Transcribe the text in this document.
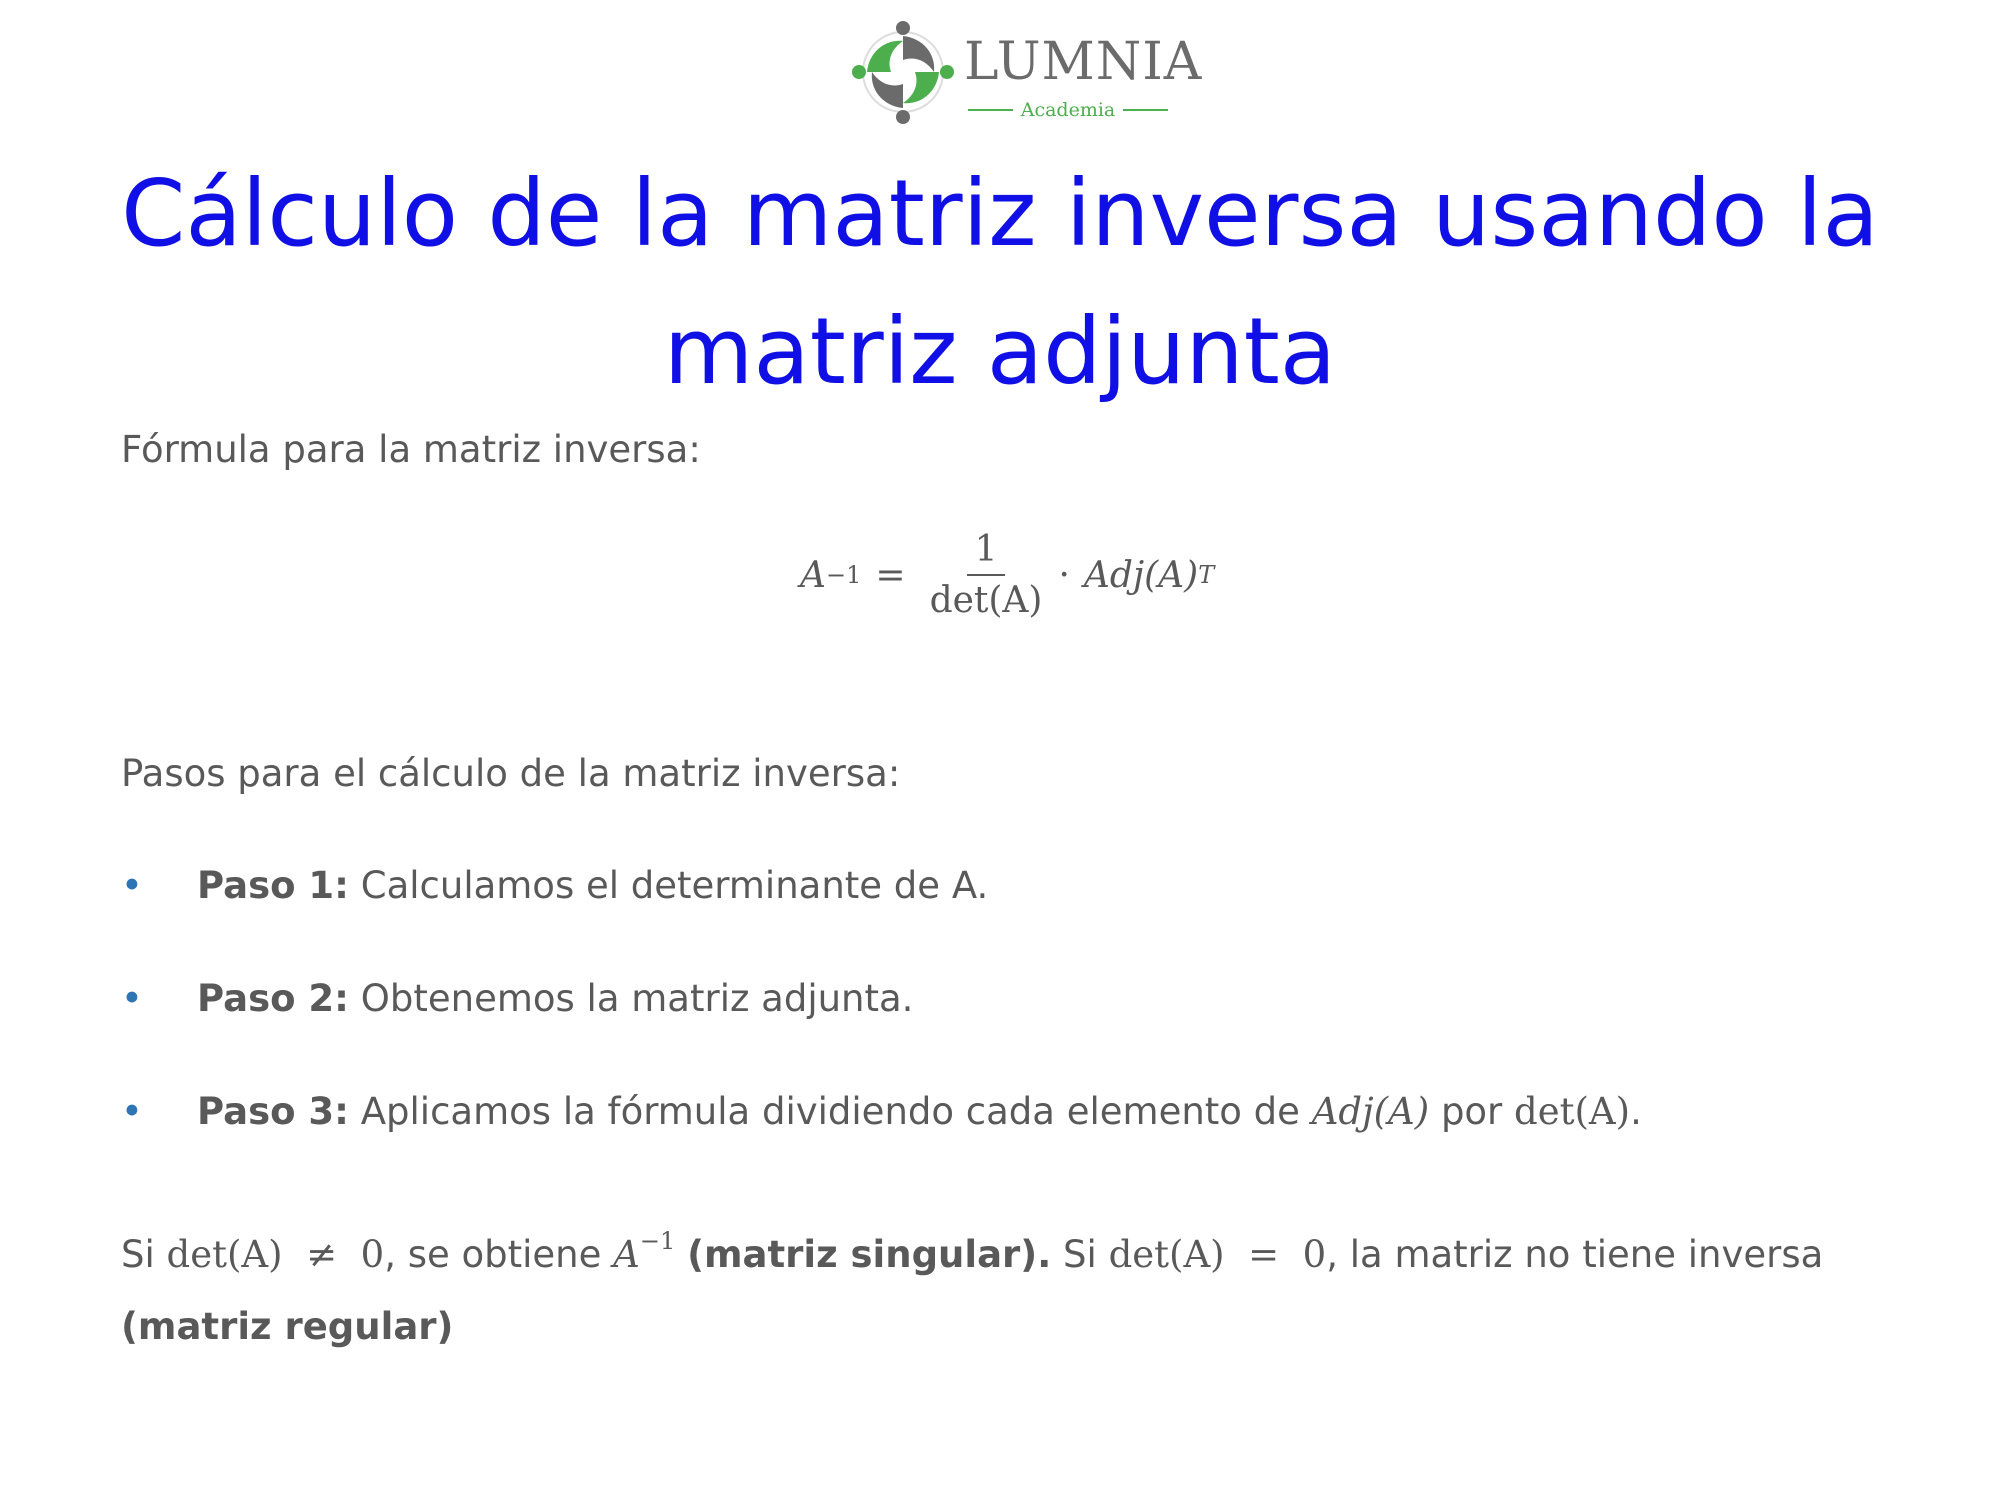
LUMNIA
Academia
Cálculo de la matriz inversa usando la matriz adjunta
Fórmula para la matriz inversa:
$A -1 = \frac{1}{\det(A)} \cdot Adj(A)$ T
Pasos para el cálculo de la matriz inversa:
• Paso 1: Calculamos el determinante de A.
• Paso 2: Obtenemos la matriz adjunta.
• Paso 3: Aplicamos la fórmula dividiendo cada elemento de Adj(A) por det(A).
Si det(A)  ≠  0, se obtiene $A^{-1}$ (matriz singular). Si det(A)  =  0, la matriz no tiene inversa (matriz regular)
